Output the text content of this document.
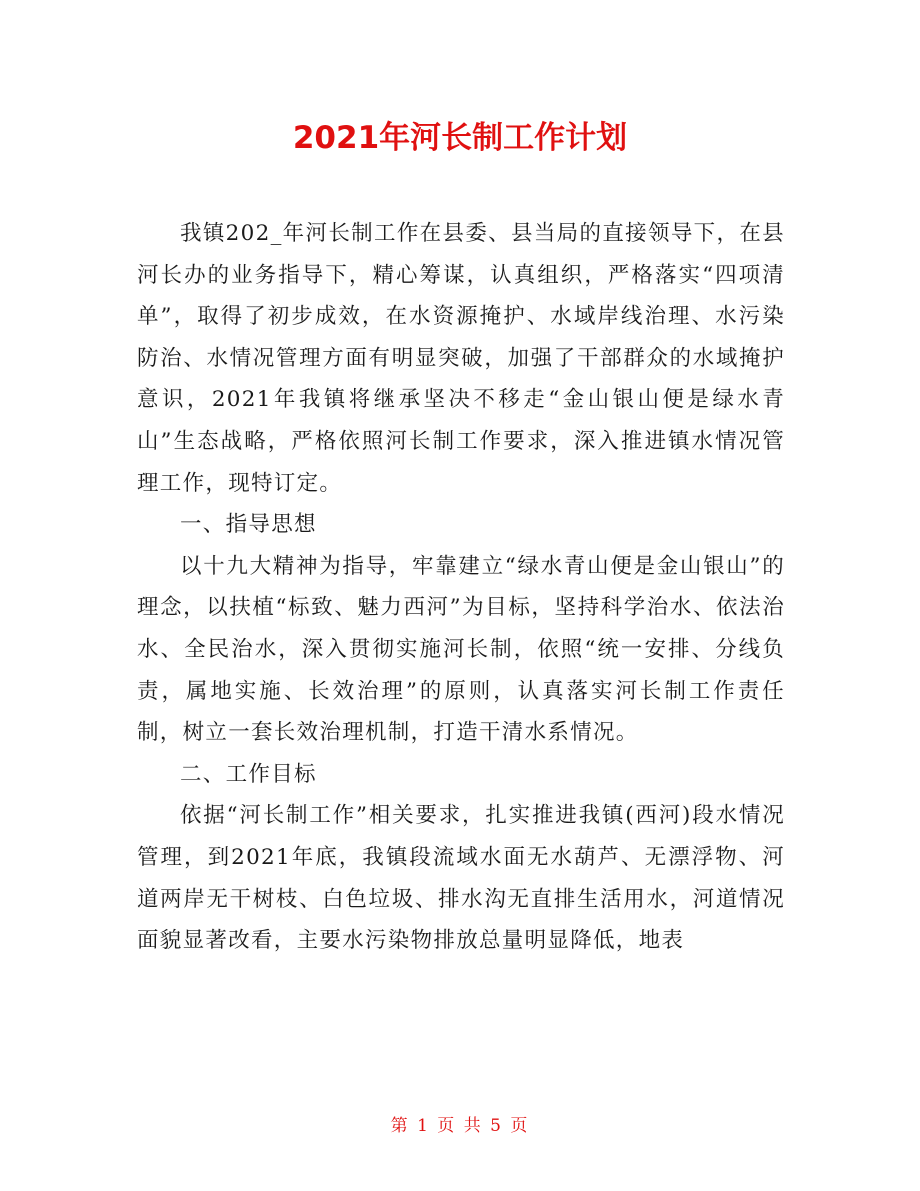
2021年河长制工作计划

我镇202_年河长制工作在县委、县当局的直接领导下，在县河长办的业务指导下，精心筹谋，认真组织，严格落实“四项清单”，取得了初步成效，在水资源掩护、水域岸线治理、水污染防治、水情况管理方面有明显突破，加强了干部群众的水域掩护意识，2021年我镇将继承坚决不移走“金山银山便是绿水青山”生态战略，严格依照河长制工作要求，深入推进镇水情况管理工作，现特订定。

一、指导思想

以十九大精神为指导，牢靠建立“绿水青山便是金山银山”的理念，以扶植“标致、魅力西河”为目标，坚持科学治水、依法治水、全民治水，深入贯彻实施河长制，依照“统一安排、分线负责，属地实施、长效治理”的原则，认真落实河长制工作责任制，树立一套长效治理机制，打造干清水系情况。

二、工作目标

依据“河长制工作”相关要求，扎实推进我镇(西河)段水情况管理，到2021年底，我镇段流域水面无水葫芦、无漂浮物、河道两岸无干树枝、白色垃圾、排水沟无直排生活用水，河道情况面貌显著改看，主要水污染物排放总量明显降低，地表

第 1 页 共 5 页
